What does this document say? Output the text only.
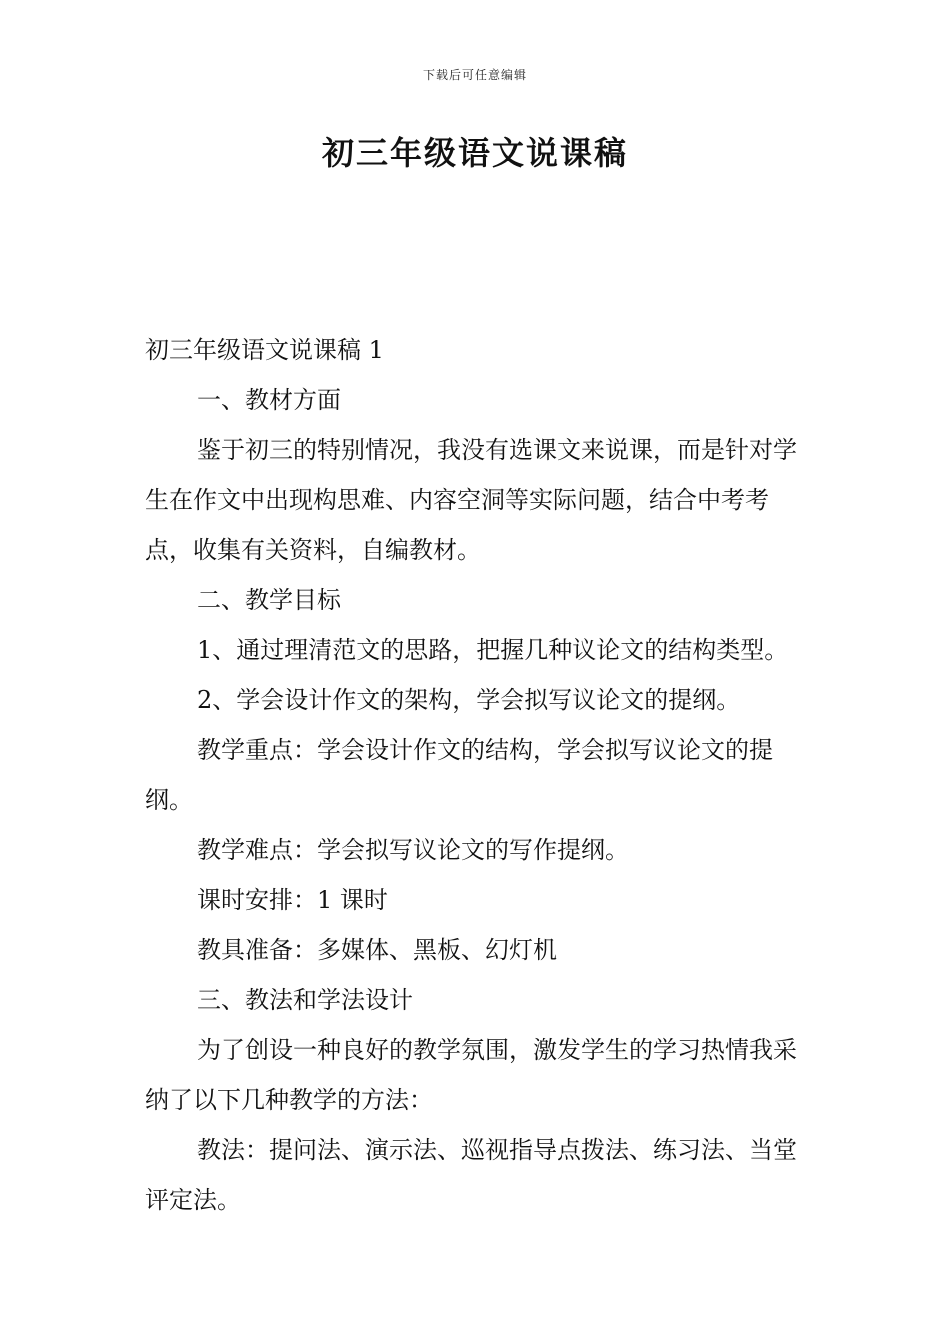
下载后可任意编辑
初三年级语文说课稿

初三年级语文说课稿 1

一、教材方面

鉴于初三的特别情况，我没有选课文来说课，而是针对学生在作文中出现构思难、内容空洞等实际问题，结合中考考点，收集有关资料，自编教材。

二、教学目标

1、通过理清范文的思路，把握几种议论文的结构类型。

2、学会设计作文的架构，学会拟写议论文的提纲。

教学重点：学会设计作文的结构，学会拟写议论文的提纲。

教学难点：学会拟写议论文的写作提纲。

课时安排：1 课时

教具准备：多媒体、黑板、幻灯机

三、教法和学法设计

为了创设一种良好的教学氛围，激发学生的学习热情我采纳了以下几种教学的方法：

教法：提问法、演示法、巡视指导点拨法、练习法、当堂评定法。
